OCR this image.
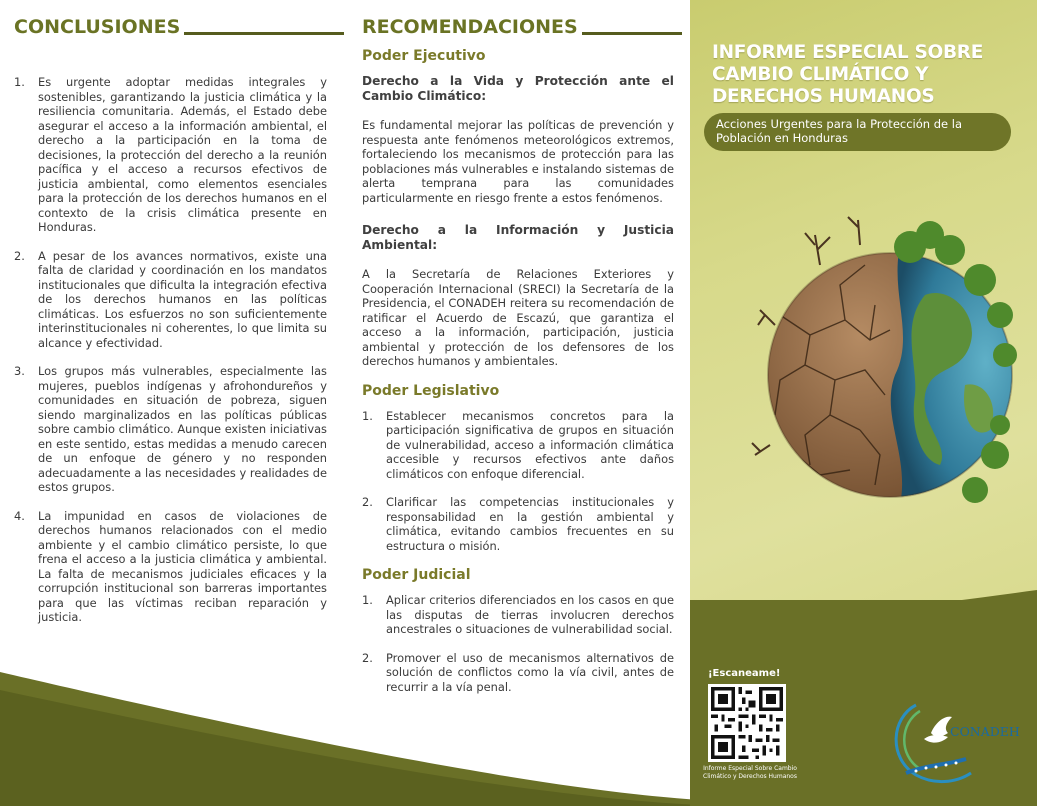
CONCLUSIONES
1.	Es urgente adoptar medidas integrales y sostenibles, garantizando la justicia climática y la resiliencia comunitaria. Además, el Estado debe asegurar el acceso a la información ambiental, el derecho a la participación en la toma de decisiones, la protección del derecho a la reunión pacífica y el acceso a recursos efectivos de justicia ambiental, como elementos esenciales para la protección de los derechos humanos en el contexto de la crisis climática presente en Honduras.
2.	A pesar de los avances normativos, existe una falta de claridad y coordinación en los mandatos institucionales que dificulta la integración efectiva de los derechos humanos en las políticas climáticas. Los esfuerzos no son suficientemente interinstitucionales ni coherentes, lo que limita su alcance y efectividad.
3.	Los grupos más vulnerables, especialmente las mujeres, pueblos indígenas y afrohondureños y comunidades en situación de pobreza, siguen siendo marginalizados en las políticas públicas sobre cambio climático. Aunque existen iniciativas en este sentido, estas medidas a menudo carecen de un enfoque de género y no responden adecuadamente a las necesidades y realidades de estos grupos.
4.	La impunidad en casos de violaciones de derechos humanos relacionados con el medio ambiente y el cambio climático persiste, lo que frena el acceso a la justicia climática y ambiental. La falta de mecanismos judiciales eficaces y la corrupción institucional son barreras importantes para que las víctimas reciban reparación y justicia.
RECOMENDACIONES
Poder Ejecutivo
Derecho a la Vida y Protección ante el Cambio Climático:
Es fundamental mejorar las políticas de prevención y respuesta ante fenómenos meteorológicos extremos, fortaleciendo los mecanismos de protección para las poblaciones más vulnerables e instalando sistemas de alerta temprana para las comunidades particularmente en riesgo frente a estos fenómenos.
Derecho a la Información y Justicia Ambiental:
A la Secretaría de Relaciones Exteriores y Cooperación Internacional (SRECI) la Secretaría de la Presidencia, el CONADEH reitera su recomendación de ratificar el Acuerdo de Escazú, que garantiza el acceso a la información, participación, justicia ambiental y protección de los defensores de los derechos humanos y ambientales.
Poder Legislativo
1.	Establecer mecanismos concretos para la participación significativa de grupos en situación de vulnerabilidad, acceso a información climática accesible y recursos efectivos ante daños climáticos con enfoque diferencial.
2.	Clarificar las competencias institucionales y responsabilidad en la gestión ambiental y climática, evitando cambios frecuentes en su estructura o misión.
Poder Judicial
1.	Aplicar criterios diferenciados en los casos en que las disputas de tierras involucren derechos ancestrales o situaciones de vulnerabilidad social.
2.	Promover el uso de mecanismos alternativos de solución de conflictos como la vía civil, antes de recurrir a la vía penal.
INFORME ESPECIAL SOBRE CAMBIO CLIMÁTICO Y DERECHOS HUMANOS
Acciones Urgentes para la Protección de la Población en Honduras
¡Escaneame!
Informe Especial Sobre Cambio Climático y Derechos Humanos
CONADEH
